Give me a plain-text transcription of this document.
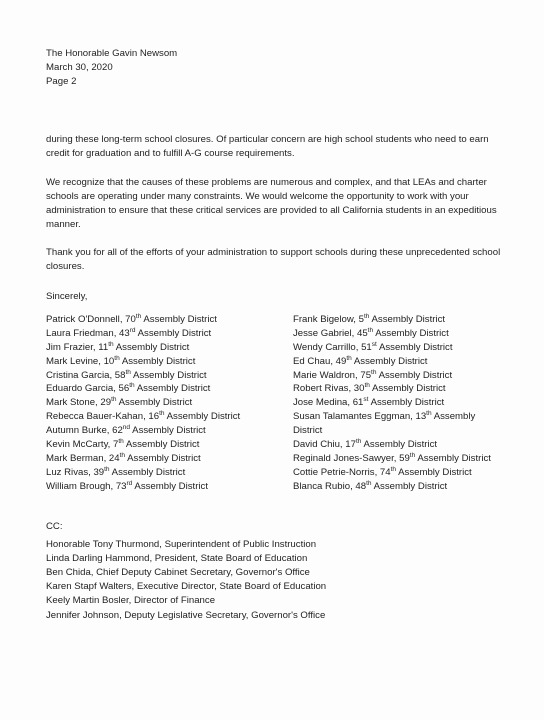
The Honorable Gavin Newsom
March 30, 2020
Page 2

during these long-term school closures. Of particular concern are high school students who need to earn credit for graduation and to fulfill A-G course requirements.

We recognize that the causes of these problems are numerous and complex, and that LEAs and charter schools are operating under many constraints. We would welcome the opportunity to work with your administration to ensure that these critical services are provided to all California students in an expeditious manner.

Thank you for all of the efforts of your administration to support schools during these unprecedented school closures.

Sincerely,
Patrick O'Donnell, 70th Assembly District
Laura Friedman, 43rd Assembly District
Jim Frazier, 11th Assembly District
Mark Levine, 10th Assembly District
Cristina Garcia, 58th Assembly District
Eduardo Garcia, 56th Assembly District
Mark Stone, 29th Assembly District
Rebecca Bauer-Kahan, 16th Assembly District
Autumn Burke, 62nd Assembly District
Kevin McCarty, 7th Assembly District
Mark Berman, 24th Assembly District
Luz Rivas, 39th Assembly District
William Brough, 73rd Assembly District
Frank Bigelow, 5th Assembly District
Jesse Gabriel, 45th Assembly District
Wendy Carrillo, 51st Assembly District
Ed Chau, 49th Assembly District
Marie Waldron, 75th Assembly District
Robert Rivas, 30th Assembly District
Jose Medina, 61st Assembly District
Susan Talamantes Eggman, 13th Assembly
District
David Chiu, 17th Assembly District
Reginald Jones-Sawyer, 59th Assembly District
Cottie Petrie-Norris, 74th Assembly District
Blanca Rubio, 48th Assembly District
CC:
Honorable Tony Thurmond, Superintendent of Public Instruction
Linda Darling Hammond, President, State Board of Education
Ben Chida, Chief Deputy Cabinet Secretary, Governor's Office
Karen Stapf Walters, Executive Director, State Board of Education
Keely Martin Bosler, Director of Finance
Jennifer Johnson, Deputy Legislative Secretary, Governor's Office
